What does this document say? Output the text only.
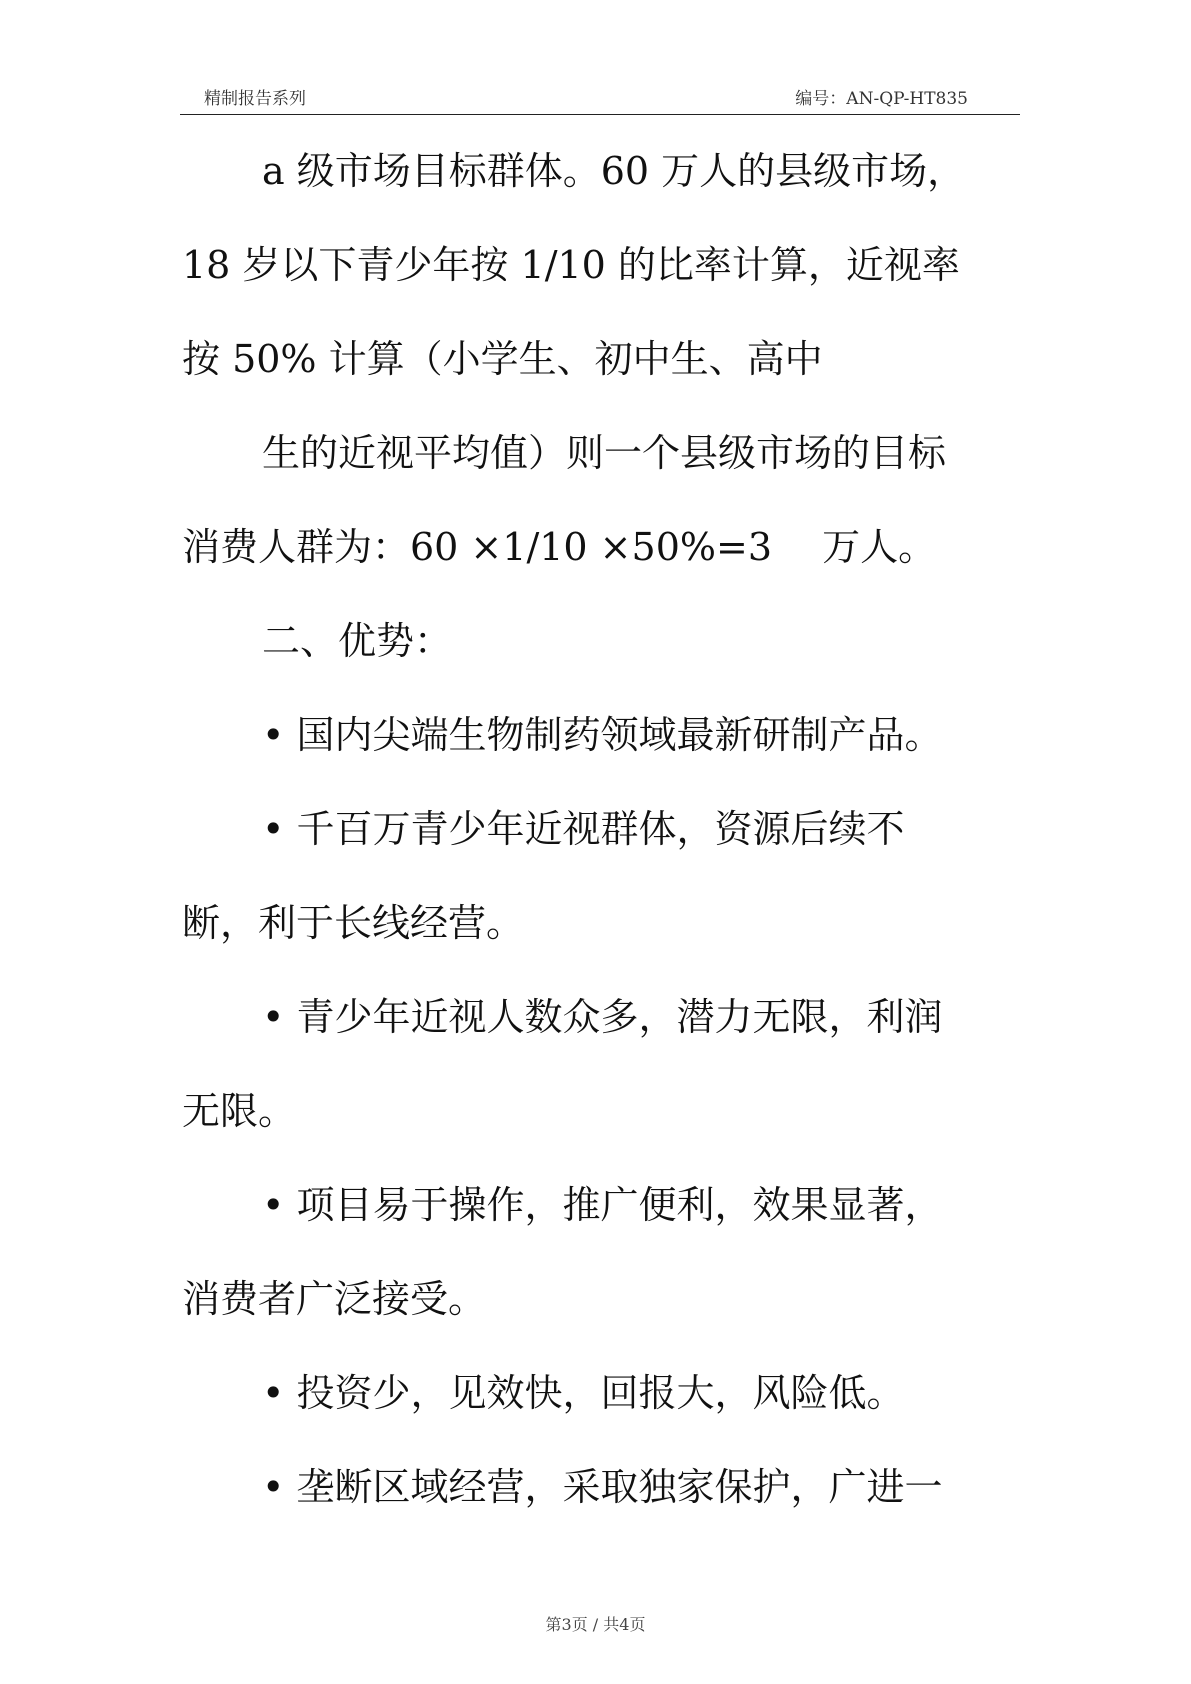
精制报告系列	编号：AN-QP-HT835
a 级市场目标群体。60 万人的县级市场，
18 岁以下青少年按 1/10 的比率计算，近视率
按 50% 计算（小学生、初中生、高中
生的近视平均值）则一个县级市场的目标
消费人群为：60 ×1/10 ×50%=3　 万人。
二、优势：
• 国内尖端生物制药领域最新研制产品。
• 千百万青少年近视群体，资源后续不
断，利于长线经营。
• 青少年近视人数众多，潜力无限，利润
无限。
• 项目易于操作，推广便利，效果显著，
消费者广泛接受。
• 投资少，见效快，回报大，风险低。
• 垄断区域经营，采取独家保护，广进一
第3页 / 共4页
